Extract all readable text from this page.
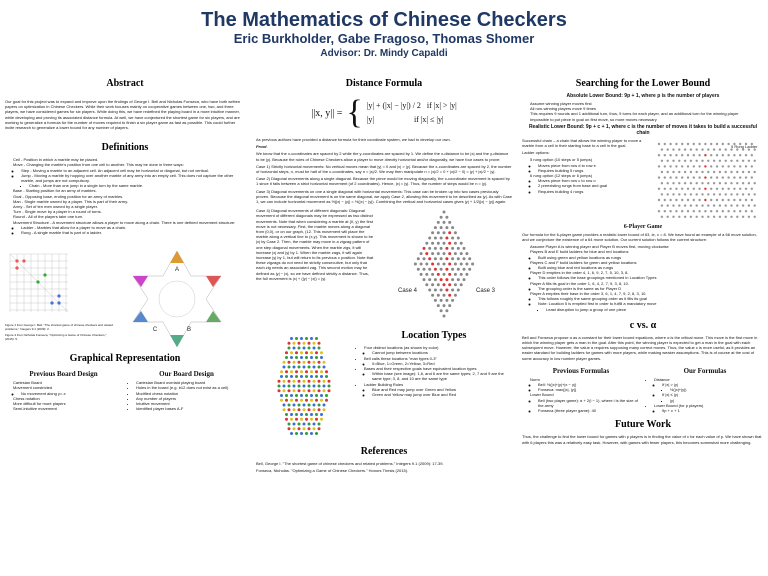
The Mathematics of Chinese Checkers
Eric Burkholder, Gabe Fragoso, Thomas Shomer
Advisor: Dr. Mindy Capaldi
Abstract

Our goal for this project was to expand and improve upon the findings of George I. Bell and Nicholas Fonseca, who have both written papers on optimization in Chinese Checkers. While their work focuses mainly on cooperative games between one, two, and three players, we have considered games for six players. While doing this, we have redefined the playing board in a more intuitive manner, while developing and proving its associated distance formula. At well, we have conjectured the shortest game for six players, and are working to generalize a formula for the number of moves required to finish a six player game as fast as possible. This could further incite research to generalize a lower bound for any number of players.

Definitions
• Cell - Position in which a marble may be placed.
• Move - Changing the marble's position from one cell to another. This may be done in three ways:
◦ Step - Moving a marble to an adjacent cell. An adjacent cell may be horizontal or diagonal, but not vertical.
◦ Jump - Moving a marble by hopping over another marble of any army into an empty cell. This does not capture the other marble, and jumps are not compulsory.
▪ Chain - More than one jump in a single turn by the same marble.
• Base - Starting position for an army of marbles.
• Goal - Opposing base, ending position for an army of marbles.
• Man - Single marble owned by a player. This is part of their army.
• Army - Set of ten men owned by a single player.
• Turn - Single move by a player in a round of turns.
• Round - All of the players take one turn.
• Movement Structure - A movement structure allows a player to move along a chain. There is one defined movement structure:
◦ Ladder - Marbles that allow for a player to move as a chain.
◦ Rung - A single marble that is part of a ladder.
A
B
C

Figure 1 from George I. Bell, "The shortest game of chinese checkers and related problems," Integers 9.1 (2009): 2.

Figure 3 from Nicholas Fonseca, "Optimizing a Game of Chinese Checkers," (2015): 5.

Graphical Representation
Previous Board Design
• Cartesian Board
• Movement constricted
◦ No movement along y=-x
• Chess notation
• More difficult for more players
• Semi-intuitive movement
Our Board Design
• Cartesian Board overlaid playing board
• Holes in the board (e.g. b12 does not exist as a cell)
• Modified chess notation
• Any number of players
• Intuitive movement
• Identified player bases A-F
Distance Formula
||x, y|| = { |y| + (|x| − |y|) / 2 if |x| > |y|
|y|	if |x| ≤ |y|

As previous authors have provided a distance formula for their coordinate system, we had to develop our own.

Proof.

We know that the x-coordinates are spaced by 2 while the y-coordinates are spaced by 1. We define the x-distance to be |x| and the y-distance to be |y|. Because the rules of Chinese Checkers allow a player to move directly horizontal and/or diagonally, we have four cases to prove:

Case 1) Strictly horizontal movements: No vertical moves mean that |y| = 0 and |x| > |y|. Because the x-coordinates are spaced by 2, the number of horizontal steps, n, must be half of the x-coordinates, say n = |x|/2. We may then manipulate n = |x|/2 = 0 + |x|/2 − 0| = |y| + |x|/2 − |y|.

Case 2) Diagonal movements along a single diagonal. Because the piece would be moving diagonally, the x-coordinate movement is spaced by 1 since it falls between a strict horizontal movement (of 2 coordinates). Hence, |x| = |y|. Thus, the number of steps would be n = |y|.

Case 3) Diagonal movements on one a single diagonal with horizontal movements: This case can be broken up into two cases previously proven. Because the diagonal movement is on the same diagonal, we apply Case 2, allowing this movement to be described as |y|. As with Case 1, we can include horizontal movement as ½(|x| − |y|) = ½(|x| − |y|). Combining the vertical and horizontal cases gives |y| + 1/2(|x| − |y|) again.

Case 4) Diagonal movements of different diagonals: Diagonal movement of different diagonals may be expressed as two distinct movements. Note that when considering a marble at (0, y) the first move is not necessary. First, the marble moves along a diagonal from (0,0), or on our graph, (12. This movement will place the marble along a vertical line to (x,y). This movement is shown to be |x| by Case 2. Then, the marble may move in a zigzag pattern of one step diagonal movements. When the marble zigs, it will increase |x| and |y| by 1. When the marble zags, it will again increase |y| by 1, but will return to its previous x position. Note that these zigzags do not need be strictly consecutive, but only that each zig needs an associated zag. This second motion may be defined as |y| − |x|, so we have defined strictly a distance. Thus, the full movement is |x| + (|y| − |x|) = |y|.

Case 3
Case 4
Location Types
• Four distinct locations (as shown by color)
◦ Cannot jump between locations
• Bell calls these locations "man types 0-3"
◦ 0=Blue, 1=Green, 2=Yellow, 3=Red
• Bases and their respective goals have equivalent location types
◦ Within base (see image): 1,6, and 6 are the same types; 2, 7 and 9 are the same type; 3, 8, and 10 are the same type
• Ladder Building Rules
◦ Blue and Red may jump over Green and Yellow
◦ Green and Yellow may jump over Blue and Red
References

Bell, George I. "The shortest game of chinese checkers and related problems." Integers 9.1 (2009): 17-39.

Fonseca, Nicholas. "Optimizing a Game of Chinese Checkers." Honors Thesis (2015).

Searching for the Lower Bound

Absolute Lower Bound: 9p + 1, where p is the number of players

• Assume winning player moves first
• All non-winning players move 9 times
• This requires 9 rounds and 1 additional turn, thus, 9 turns for each player, and an additional turn for the winning player
• Impossible to put piece in goal on first move, so more moves necessary

Realistic Lower Bound: 9p + c + 1, where c is the number of moves it takes to build a successful chain

Successful chain – a chain that allows the winning player to move a marble from a cell in their starting base to a cell in the goal

Ladder options:

• 5 rung option (10 steps or 5 jumps)
◦ Moves piece from row d to row e
◦ Requires building 5 rungs
• 6 rung option (12 steps or 6 jumps)
◦ Moves piece from row c to row o
◦ 2 preexisting rungs from base and goal
◦ Requires building 4 rungs
5 Rung Ladder
6-Player Game

Our formula for the 6-player game provides a realistic lower bound of 63, ie, c = 8. We have found an example of a 66 move solution, and we conjecture the existence of a 64 move solution. Our current solution follows the current structure:

• Assume Player A is winning player and Player B moves first, moving clockwise
• Players B and E build ladders for blue and red locations
◦ Built using green and yellow locations as rungs
• Players C and F build ladders for green and yellow locations
◦ Built using blue and red locations as rungs
• Player D empties in the order 4, 1, 6, 9, 2, 7, 5, 10, 3, 8.
◦ This order follows the base groupings mentioned in Location Types
• Player A fills its goal in the order 1, 6, 4, 2, 7, 9, 3, 8, 10.
◦ The grouping order is the same as for Player D
• Player A empties their base in the order 3, 6, 1, 4, 7, 9, 2, 8, 3, 10.
◦ This follows roughly the same grouping order as it fills its goal
◦ Note: Location 5 is emptied first in order to fulfill a mandatory move
▪ Least disruption to jump a group of one piece
c vs. α

Bell and Fonseca propose α as a constant for their lower bound equations, where α is the critical move. This move is the first move in which the winning player gets a man in the goal. After this point, the winning player is expected to get a man in the goal with each subsequent move. However, the value α requires supposing many correct moves. Thus, the value c is more useful, as it provides an easier standard for building ladders for games with more players, while making weaker assumptions. This is of course at the cost of some accuracy in low number player games.

Previous Formulas
• Norm
◦ Bell: ½(|x|+|y|+|x − y|)
◦ Fonseca: max{|x|, |y|}
• Lower Bound
◦ Bell (two player game): α + 2(i − 1), where i is the size of the army
◦ Fonseca (three player game): 40
Our Formulas
• Distance
◦ If |x| > |y|
▪ ½(|x|+|y|)
◦ If |x| ≤ |y|
▪ |y|
• Lower Bound (for p players)
◦ 9p + c + 1
Future Work

Thus, the challenge to find the lower bound for games with p players is in finding the value of c for each value of p. We have shown that with 6 players this was a relatively easy task. However, with games with fewer players, this becomes somewhat more challenging.
